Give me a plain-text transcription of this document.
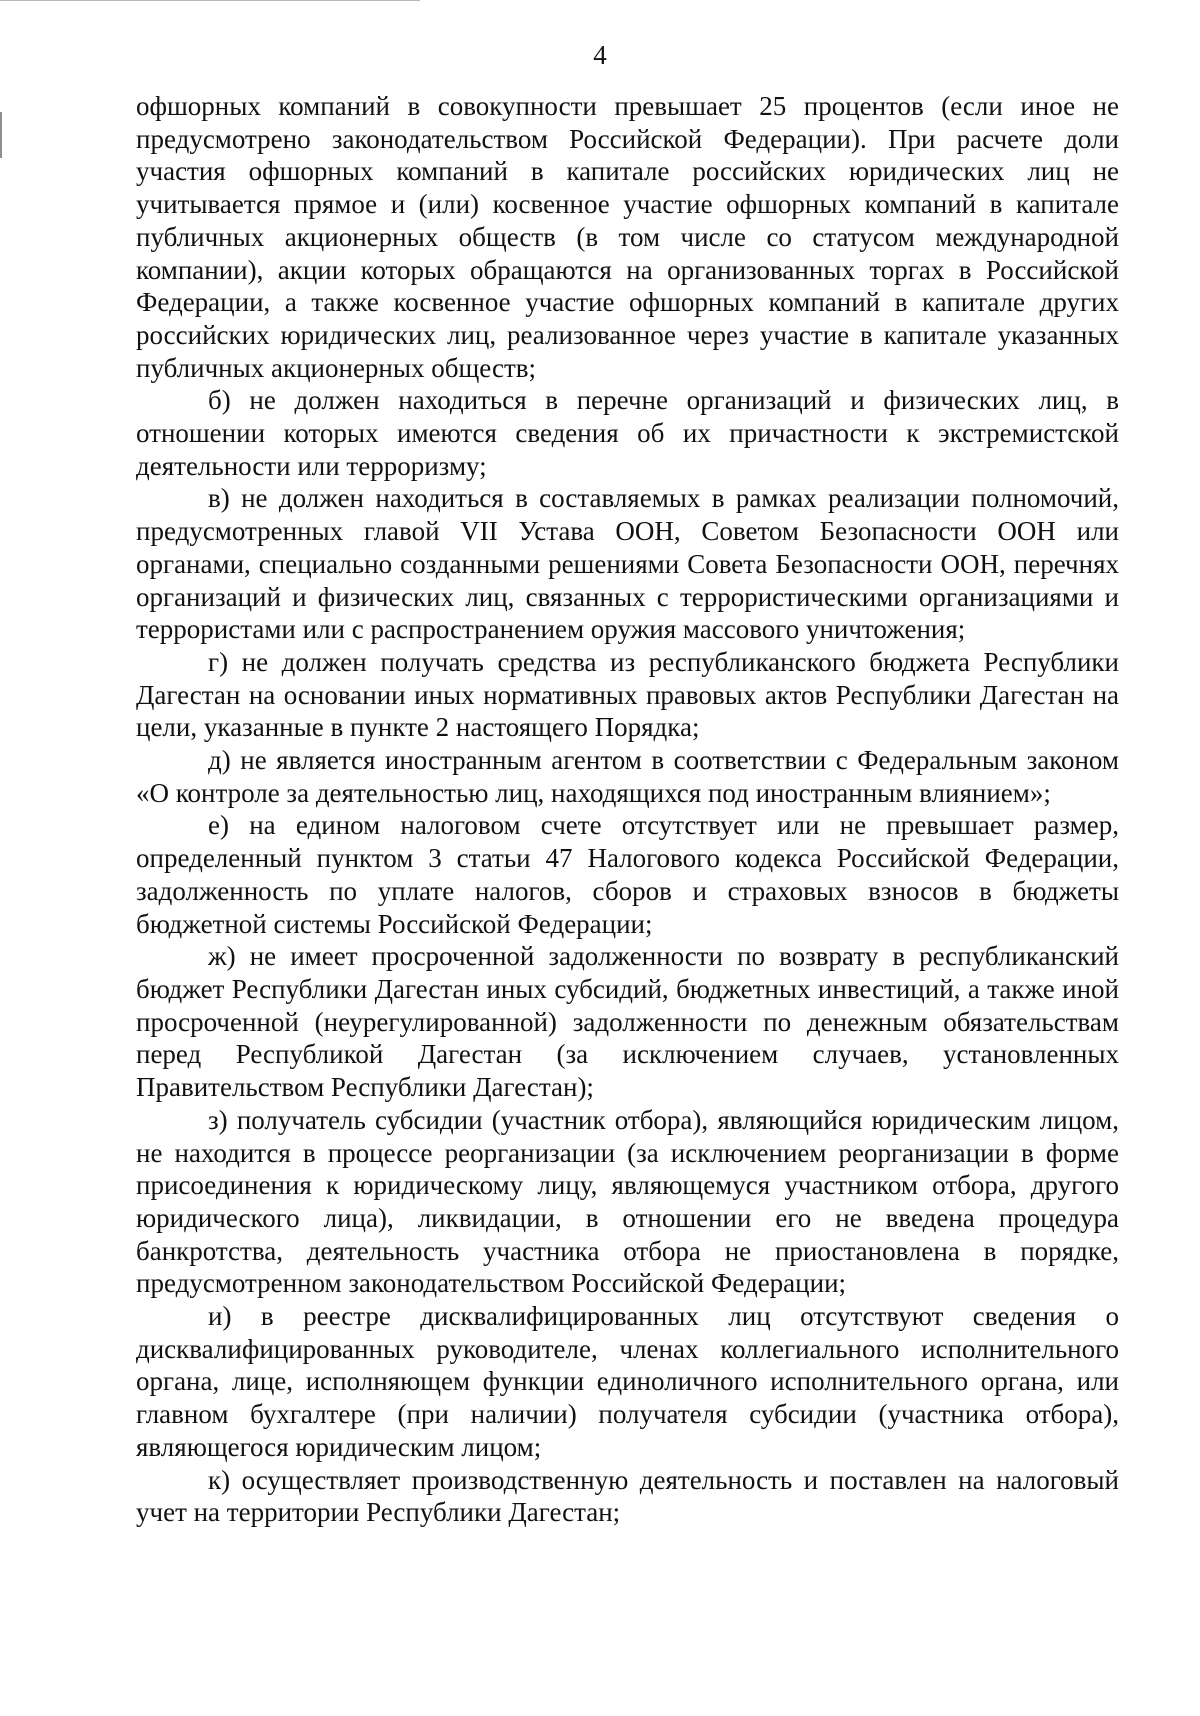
4

офшорных компаний в совокупности превышает 25 процентов (если иное не предусмотрено законодательством Российской Федерации). При расчете доли участия офшорных компаний в капитале российских юридических лиц не учитывается прямое и (или) косвенное участие офшорных компаний в капитале публичных акционерных обществ (в том числе со статусом международной компании), акции которых обращаются на организованных торгах в Российской Федерации, а также косвенное участие офшорных компаний в капитале других российских юридических лиц, реализованное через участие в капитале указанных публичных акционерных обществ;

б) не должен находиться в перечне организаций и физических лиц, в отношении которых имеются сведения об их причастности к экстремистской деятельности или терроризму;

в) не должен находиться в составляемых в рамках реализации полномочий, предусмотренных главой VII Устава ООН, Советом Безопасности ООН или органами, специально созданными решениями Совета Безопасности ООН, перечнях организаций и физических лиц, связанных с террористическими организациями и террористами или с распространением оружия массового уничтожения;

г) не должен получать средства из республиканского бюджета Республики Дагестан на основании иных нормативных правовых актов Республики Дагестан на цели, указанные в пункте 2 настоящего Порядка;

д) не является иностранным агентом в соответствии с Федеральным законом «О контроле за деятельностью лиц, находящихся под иностранным влиянием»;

е) на едином налоговом счете отсутствует или не превышает размер, определенный пунктом 3 статьи 47 Налогового кодекса Российской Федерации, задолженность по уплате налогов, сборов и страховых взносов в бюджеты бюджетной системы Российской Федерации;

ж) не имеет просроченной задолженности по возврату в республиканский бюджет Республики Дагестан иных субсидий, бюджетных инвестиций, а также иной просроченной (неурегулированной) задолженности по денежным обязательствам перед Республикой Дагестан (за исключением случаев, установленных Правительством Республики Дагестан);

з) получатель субсидии (участник отбора), являющийся юридическим лицом, не находится в процессе реорганизации (за исключением реорганизации в форме присоединения к юридическому лицу, являющемуся участником отбора, другого юридического лица), ликвидации, в отношении его не введена процедура банкротства, деятельность участника отбора не приостановлена в порядке, предусмотренном законодательством Российской Федерации;

и) в реестре дисквалифицированных лиц отсутствуют сведения о дисквалифицированных руководителе, членах коллегиального исполнительного органа, лице, исполняющем функции единоличного исполнительного органа, или главном бухгалтере (при наличии) получателя субсидии (участника отбора), являющегося юридическим лицом;

к) осуществляет производственную деятельность и поставлен на налоговый учет на территории Республики Дагестан;
